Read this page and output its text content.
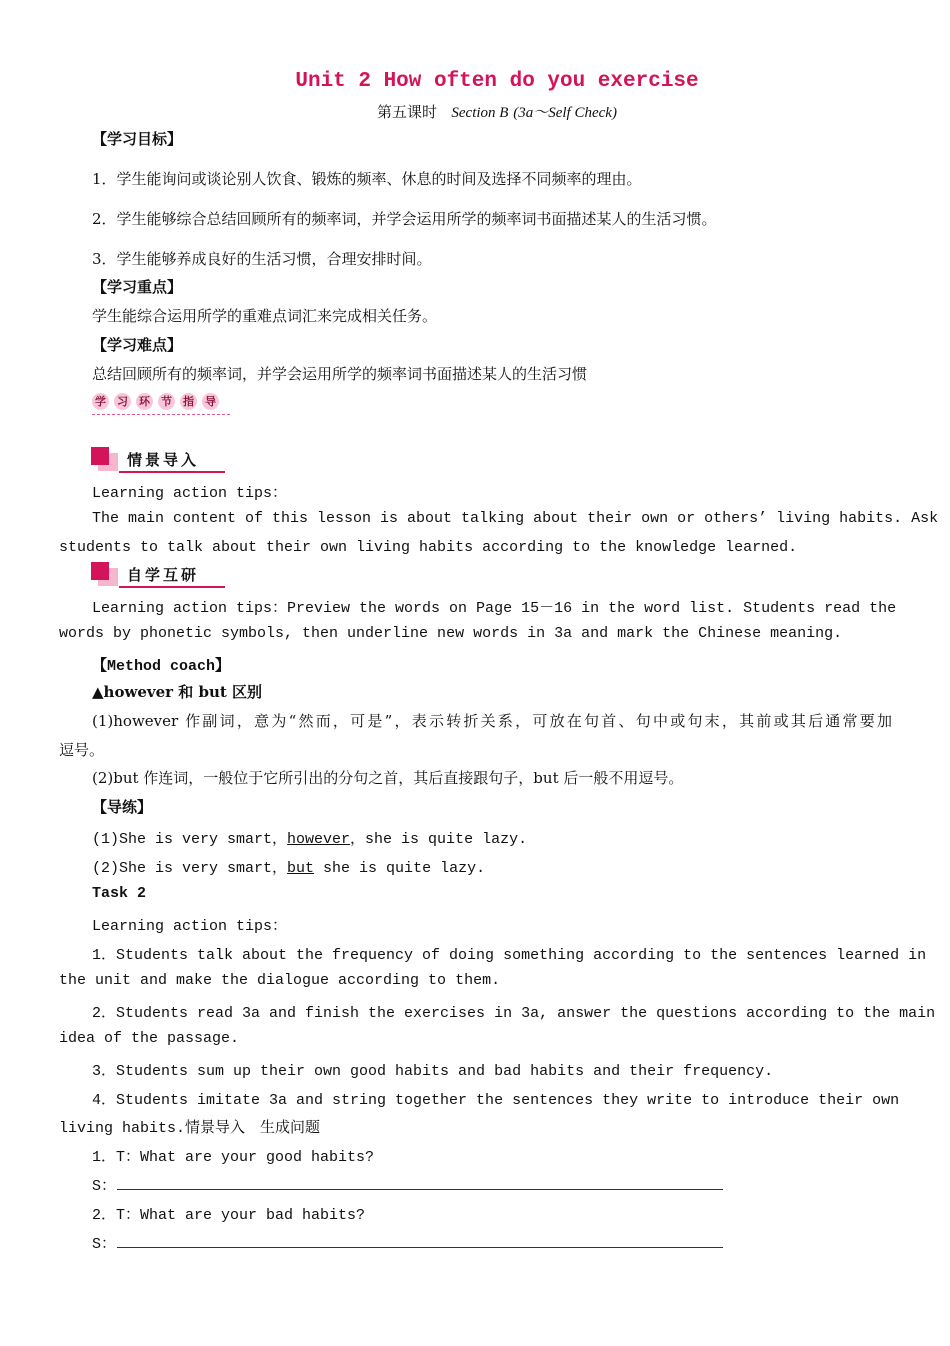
Unit 2 How often do you exercise
第五课时 Section B (3a～Self Check)
【学习目标】
1．学生能询问或谈论别人饮食、锻炼的频率、休息的时间及选择不同频率的理由。
2．学生能够综合总结回顾所有的频率词，并学会运用所学的频率词书面描述某人的生活习惯。
3．学生能够养成良好的生活习惯，合理安排时间。
【学习重点】
学生能综合运用所学的重难点词汇来完成相关任务。
【学习难点】
总结回顾所有的频率词，并学会运用所学的频率词书面描述某人的生活习惯
学 习 环 节 指 导
情景导入
Learning action tips：
The main content of this lesson is about talking about their own or others’ living habits. Ask
students to talk about their own living habits according to the knowledge learned.
自学互研
Learning action tips：Preview the words on Page 15－16 in the word list. Students read the
words by phonetic symbols, then underline new words in 3a and mark the Chinese meaning.
【Method coach】
▲however 和 but 区别
(1)however 作副词，意为“然而，可是”，表示转折关系，可放在句首、句中或句末，其前或其后通常要加
逗号。
(2)but 作连词，一般位于它所引出的分句之首，其后直接跟句子，but 后一般不用逗号。
【导练】
(1)She is very smart，however，she is quite lazy.
(2)She is very smart，but she is quite lazy.
Task 2
Learning action tips：
1．Students talk about the frequency of doing something according to the sentences learned in
the unit and make the dialogue according to them.
2．Students read 3a and finish the exercises in 3a, answer the questions according to the main
idea of the passage.
3．Students sum up their own good habits and bad habits and their frequency.
4．Students imitate 3a and string together the sentences they write to introduce their own
living habits.情景导入　生成问题
1．T：What are your good habits?
S：
2．T：What are your bad habits?
S：
